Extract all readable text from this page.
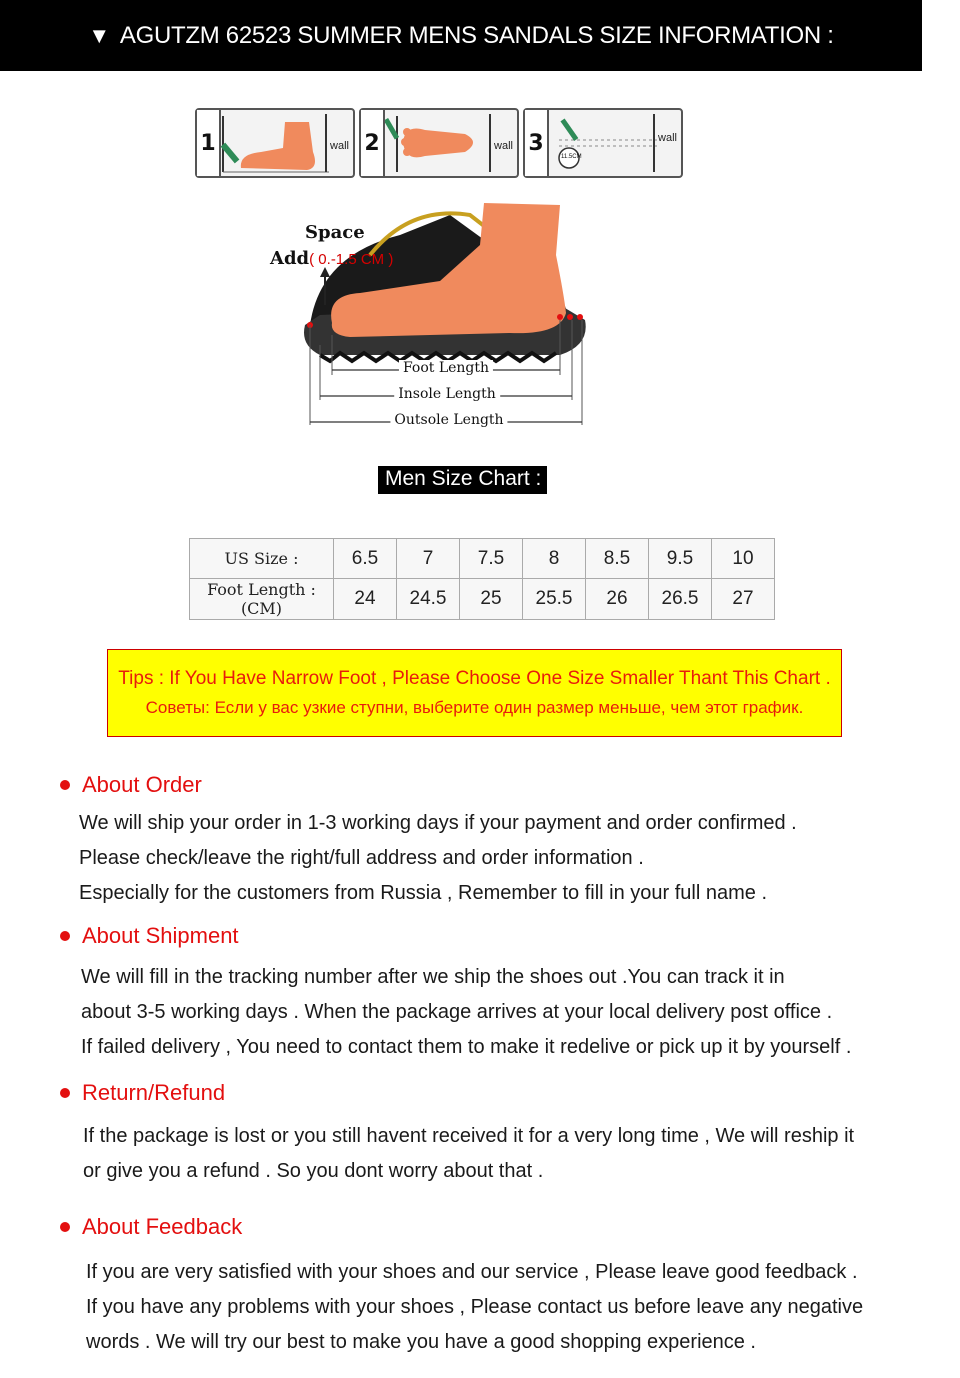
▼ AGUTZM 62523 SUMMER MENS SANDALS SIZE INFORMATION :
1	wall 2	wall 3
11.5CM
wall
Space
Add( 0.-1.5 CM )
Foot Length
Insole Length
Outsole Length
Men Size Chart :
US Size :	6.5	7	7.5	8	8.5	9.5	10
Foot Length : (CM)	24	24.5	25	25.5	26	26.5	27
Tips : If You Have Narrow Foot , Please Choose One Size Smaller Thant This Chart .
Советы: Если у вас узкие ступни, выберите один размер меньше, чем этот график.
About Order
We will ship your order in 1-3 working days if your payment and order confirmed .
Please check/leave the right/full address and order information .
Especially for the customers from Russia , Remember to fill in your full name .
About Shipment
We will fill in the tracking number after we ship the shoes out .You can track it in
about 3-5 working days . When the package arrives at your local delivery post office .
If failed delivery , You need to contact them to make it redelive or pick up it by yourself .
Return/Refund
If the package is lost or you still havent received it for a very long time , We will reship it
or give you a refund . So you dont worry about that .
About Feedback
If you are very satisfied with your shoes and our service , Please leave good feedback .
If you have any problems with your shoes , Please contact us before leave any negative
words . We will try our best to make you have a good shopping experience .
